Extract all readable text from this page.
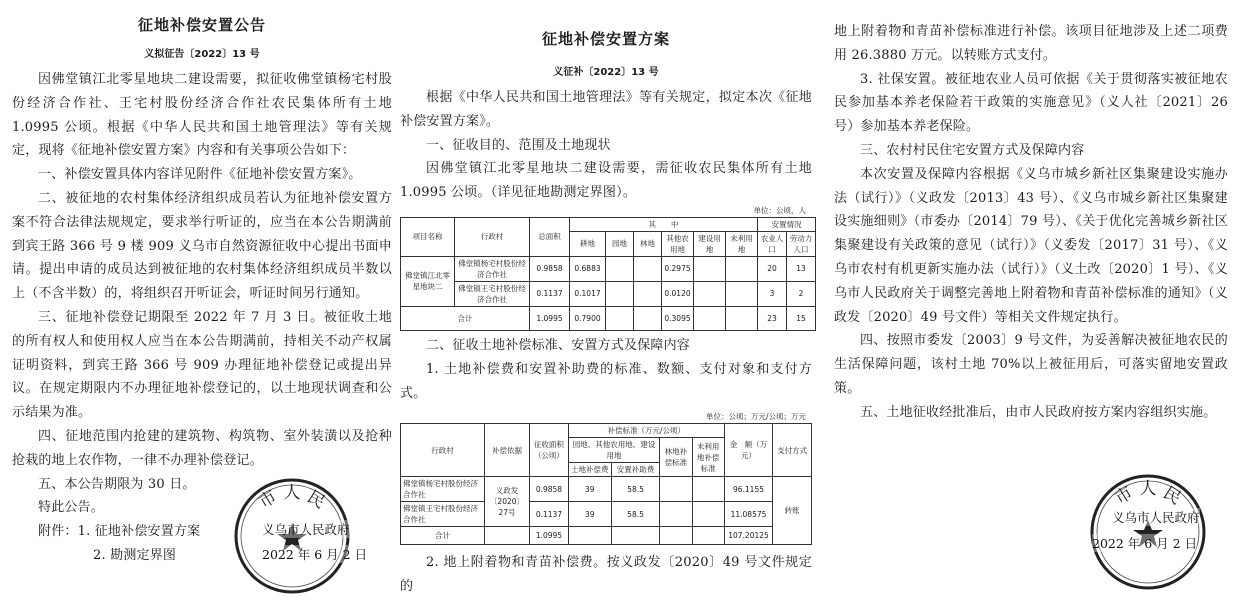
征地补偿安置公告
义拟征告〔2022〕13 号

因佛堂镇江北零星地块二建设需要，拟征收佛堂镇杨宅村股份经济合作社、王宅村股份经济合作社农民集体所有土地 1.0995 公顷。根据《中华人民共和国土地管理法》等有关规定，现将《征地补偿安置方案》内容和有关事项公告如下：

一、补偿安置具体内容详见附件《征地补偿安置方案》。

二、被征地的农村集体经济组织成员若认为征地补偿安置方案不符合法律法规规定，要求举行听证的，应当在本公告期满前到宾王路 366 号 9 楼 909 义乌市自然资源征收中心提出书面申请。提出申请的成员达到被征地的农村集体经济组织成员半数以上（不含半数）的，将组织召开听证会，听证时间另行通知。

三、征地补偿登记期限至 2022 年 7 月 3 日。被征收土地的所有权人和使用权人应当在本公告期满前，持相关不动产权属证明资料，到宾王路 366 号 909 办理征地补偿登记或提出异议。在规定期限内不办理征地补偿登记的，以土地现状调查和公示结果为准。

四、征地范围内抢建的建筑物、构筑物、室外装潢以及抢种抢栽的地上农作物，一律不办理补偿登记。

五、本公告期限为 30 日。

特此公告。

附件：1. 征地补偿安置方案

2. 勘测定界图

市 人 民
义乌市人民政府
2022 年 6 月 2 日
征地补偿安置方案
义征补〔2022〕13 号

根据《中华人民共和国土地管理法》等有关规定，拟定本次《征地补偿安置方案》。

一、征收目的、范围及土地现状

因佛堂镇江北零星地块二建设需要，需征收农民集体所有土地 1.0995 公顷。（详见征地勘测定界图）。

单位：公顷，人
项目名称	行政村	总面积	其　　中						安置情况	
			耕地	园地	林地	其他农用地	建设用地	未利用地	农业人口	劳动力人口
佛堂镇江北零星地块二	佛堂镇杨宅村股份经济合作社	0.9858	0.6883			0.2975			20	13
	佛堂镇王宅村股份经济合作社	0.1137	0.1017			0.0120			3	2
合计		1.0995	0.7900			0.3095			23	15

二、征收土地补偿标准、安置方式及保障内容

1. 土地补偿费和安置补助费的标准、数额、支付对象和支付方式。

单位：公顷；万元/公顷；万元
行政村	补偿依据	征收面积（公顷）	补偿标准（万元/公顷）				金　额（万元）	支付方式
			园地、其他农用地、建设用地		林地补偿标准	未利用地补偿标准		
			土地补偿费	安置补助费				
佛堂镇杨宅村股份经济合作社	义政发〔2020〕27号	0.9858	39	58.5			96.1155	转账
佛堂镇王宅村股份经济合作社		0.1137	39	58.5			11.08575	
合计		1.0995					107.20125	

2. 地上附着物和青苗补偿费。按义政发〔2020〕49 号文件规定的

地上附着物和青苗补偿标准进行补偿。该项目征地涉及上述二项费用 26.3880 万元。以转账方式支付。

3. 社保安置。被征地农业人员可依据《关于贯彻落实被征地农民参加基本养老保险若干政策的实施意见》（义人社〔2021〕26 号）参加基本养老保险。

三、农村村民住宅安置方式及保障内容

本次安置及保障内容根据《义乌市城乡新社区集聚建设实施办法（试行）》（义政发〔2013〕43 号）、《义乌市城乡新社区集聚建设实施细则》（市委办〔2014〕79 号）、《关于优化完善城乡新社区集聚建设有关政策的意见（试行）》（义委发〔2017〕31 号）、《义乌市农村有机更新实施办法（试行）》（义土改〔2020〕1 号）、《义乌市人民政府关于调整完善地上附着物和青苗补偿标准的通知》（义政发〔2020〕49 号文件）等相关文件规定执行。

四、按照市委发〔2003〕9 号文件，为妥善解决被征地农民的生活保障问题，该村土地 70%以上被征用后，可落实留地安置政策。

五、土地征收经批准后，由市人民政府按方案内容组织实施。

市 人 民
义乌市人民政府
2022 年 6 月 2 日
